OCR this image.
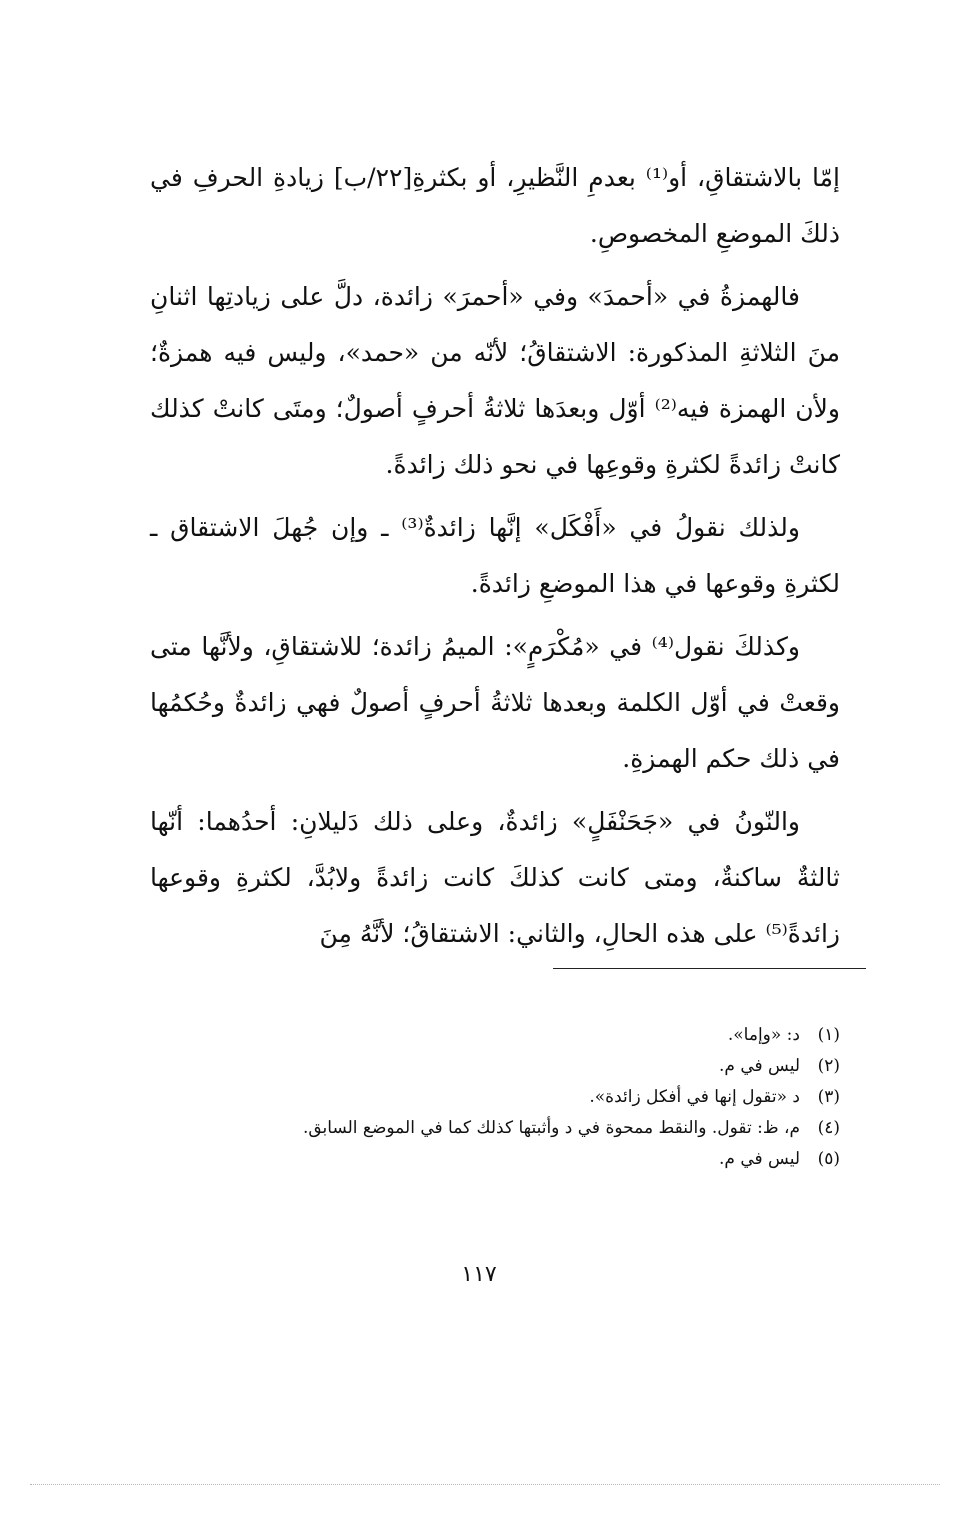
إمّا بالاشتقاقِ، أو⁽¹⁾ بعدمِ النَّظيرِ، أو بكثرةِ[٢٢/ب] زيادةِ الحرفِ في ذلكَ الموضعِ المخصوصِ.

فالهمزةُ في «أحمدَ» وفي «أحمرَ» زائدة، دلَّ على زيادتِها اثنانِ منَ الثلاثةِ المذكورة: الاشتقاقُ؛ لأنّه من «حمد»، وليس فيه همزةٌ؛ ولأن الهمزة فيه⁽²⁾ أوّل وبعدَها ثلاثةُ أحرفٍ أصولٌ؛ ومتَى كانتْ كذلك كانتْ زائدةً لكثرةِ وقوعِها في نحو ذلك زائدةً.

ولذلك نقولُ في «أَفْكَل» إنَّها زائدةٌ⁽³⁾ ـ وإن جُهلَ الاشتقاق ـ لكثرةِ وقوعها في هذا الموضعِ زائدةً.

وكذلكَ نقول⁽⁴⁾ في «مُكْرَمٍ»: الميمُ زائدة؛ للاشتقاقِ، ولأنَّها متى وقعتْ في أوّل الكلمة وبعدها ثلاثةُ أحرفٍ أصولٌ فهي زائدةٌ وحُكمُها في ذلك حكم الهمزةِ.

والنّونُ في «جَحَنْفَلٍ» زائدةٌ، وعلى ذلك دَليلانِ: أحدُهما: أنّها ثالثةٌ ساكنةٌ، ومتى كانت كذلكَ كانت زائدةً ولابُدَّ، لكثرةِ وقوعها زائدةً⁽⁵⁾ على هذه الحالِ، والثاني: الاشتقاقُ؛ لأنَّهُ مِنَ

(١)د: «وإما».
(٢)ليس في م.
(٣)د «تقول إنها في أفكل زائدة».
(٤)م، ظ: تقول. والنقط ممحوة في د وأثبتها كذلك كما في الموضع السابق.
(٥)ليس في م.
١١٧
